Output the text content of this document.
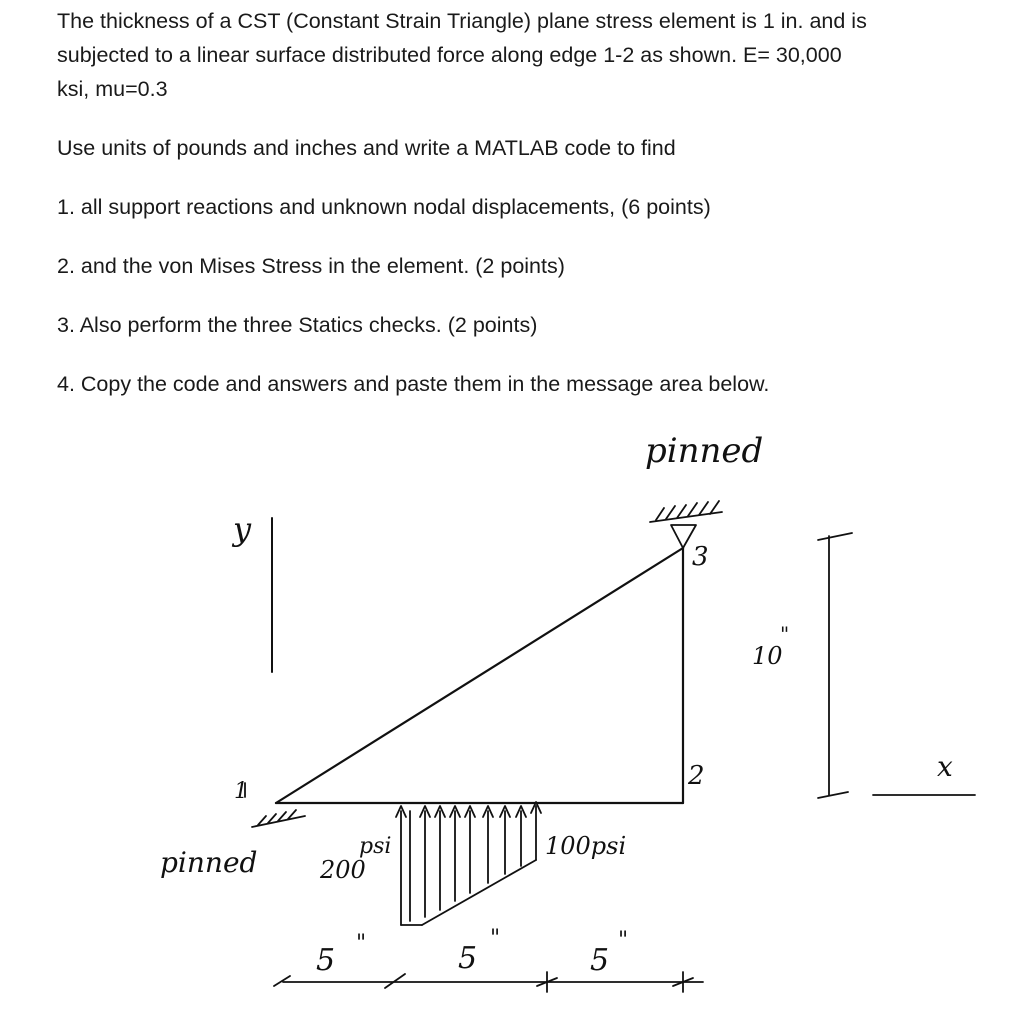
The thickness of a CST (Constant Strain Triangle) plane stress element is 1 in. and is
subjected to a linear surface distributed force along edge 1-2 as shown. E= 30,000
ksi, mu=0.3
Use units of pounds and inches and write a MATLAB code to find
1. all support reactions and unknown nodal displacements, (6 points)
2. and the von Mises Stress in the element. (2 points)
3. Also perform the three Statics checks. (2 points)
4. Copy the code and answers and paste them in the message area below.
pinned
pinned
y
x
1
2
3
psi
200
100psi
10
"
5 "	5
"
5
"
